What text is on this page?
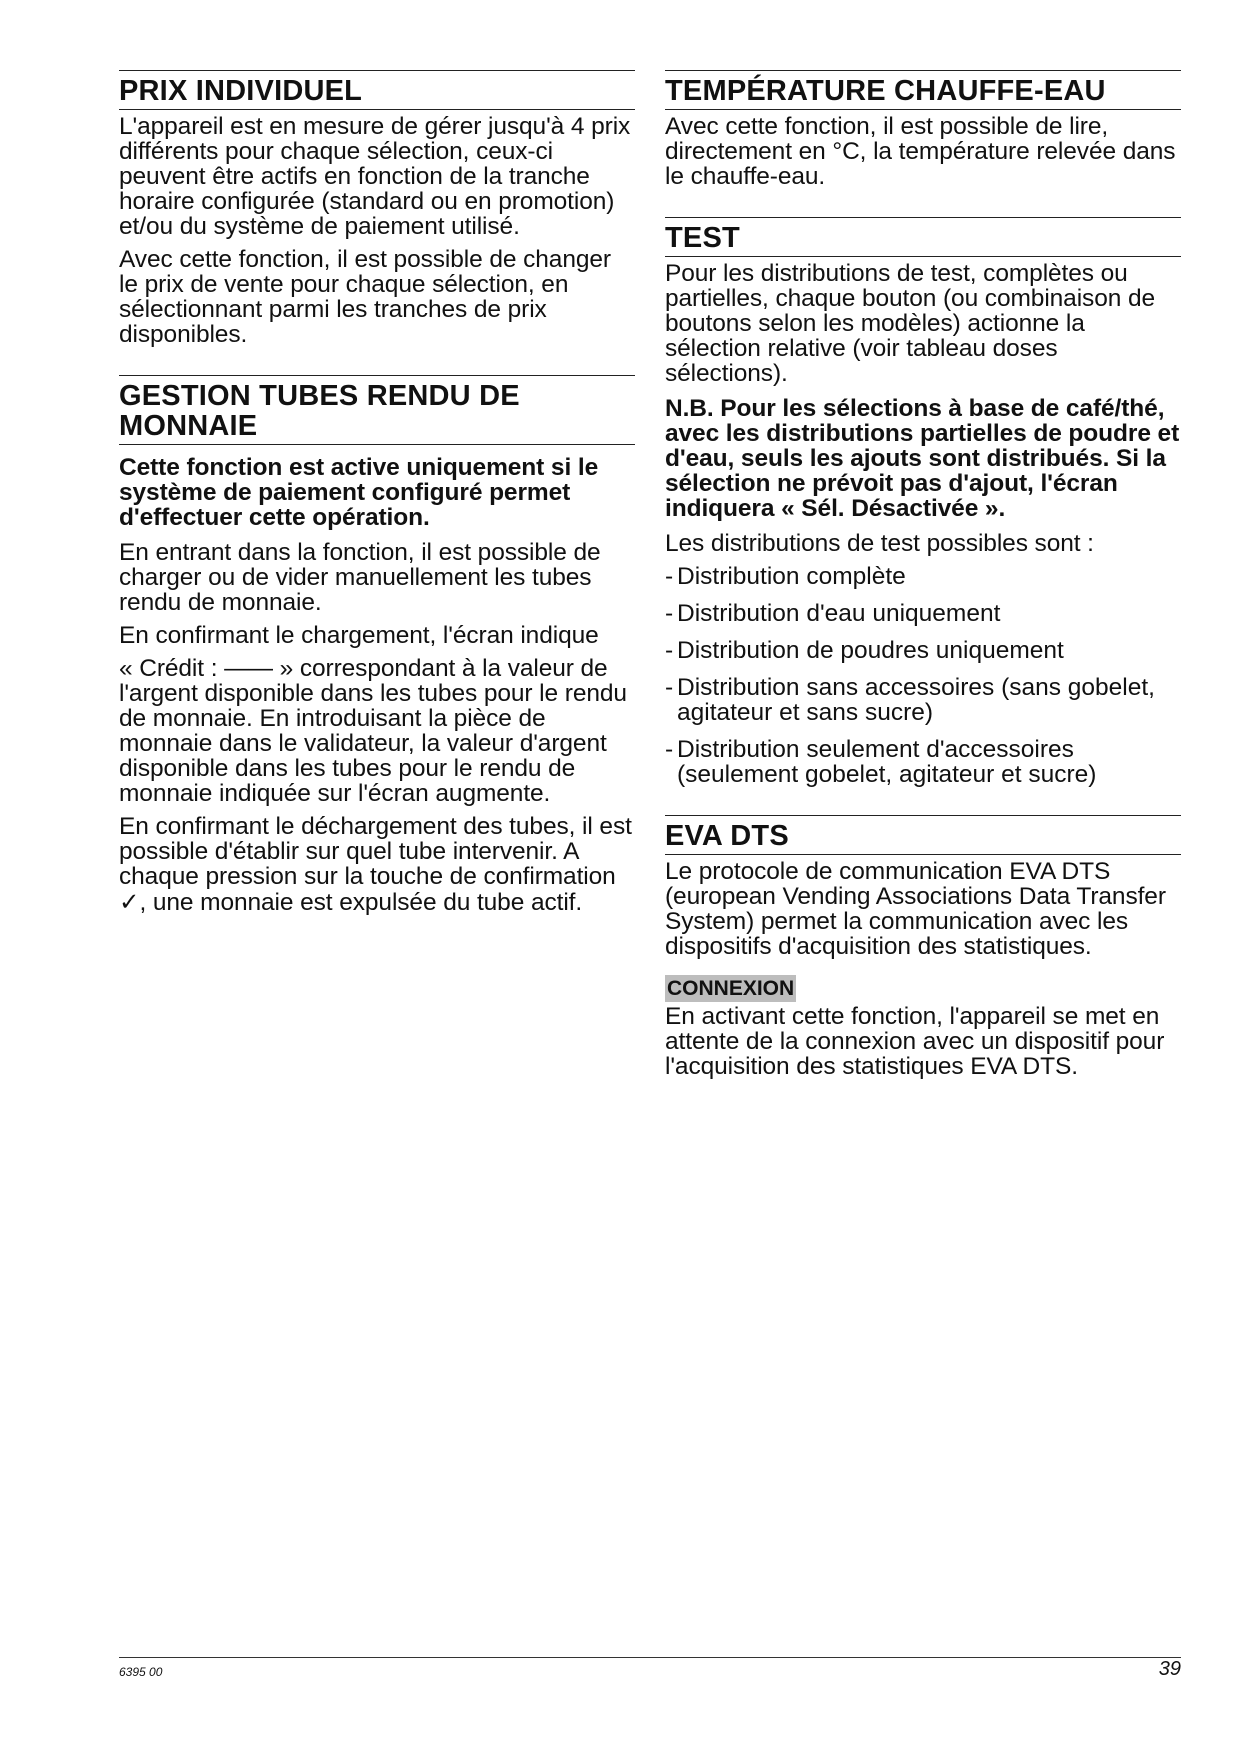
PRIX INDIVIDUEL

L'appareil est en mesure de gérer jusqu'à 4 prix différents pour chaque sélection, ceux-ci peuvent être actifs en fonction de la tranche horaire configurée (standard ou en promotion) et/ou du système de paiement utilisé.

Avec cette fonction, il est possible de changer le prix de vente pour chaque sélection, en sélectionnant parmi les tranches de prix disponibles.

GESTION TUBES RENDU DE MONNAIE

Cette fonction est active uniquement si le système de paiement configuré permet d'effectuer cette opération.

En entrant dans la fonction, il est possible de charger ou de vider manuellement les tubes rendu de monnaie.

En confirmant le chargement, l'écran indique

« Crédit : —— » correspondant à la valeur de l'argent disponible dans les tubes pour le rendu de monnaie. En introduisant la pièce de monnaie dans le validateur, la valeur d'argent disponible dans les tubes pour le rendu de monnaie indiquée sur l'écran augmente.

En confirmant le déchargement des tubes, il est possible d'établir sur quel tube intervenir. A chaque pression sur la touche de confirmation ✓, une monnaie est expulsée du tube actif.

TEMPÉRATURE CHAUFFE-EAU

Avec cette fonction, il est possible de lire, directement en °C, la température relevée dans le chauffe-eau.

TEST

Pour les distributions de test, complètes ou partielles, chaque bouton (ou combinaison de boutons selon les modèles) actionne la sélection relative (voir tableau doses sélections).

N.B. Pour les sélections à base de café/thé, avec les distributions partielles de poudre et d'eau, seuls les ajouts sont distribués. Si la sélection ne prévoit pas d'ajout, l'écran indiquera « Sél. Désactivée ».

Les distributions de test possibles sont :

- Distribution complète
- Distribution d'eau uniquement
- Distribution de poudres uniquement
- Distribution sans accessoires (sans gobelet, agitateur et sans sucre)
- Distribution seulement d'accessoires (seulement gobelet, agitateur et sucre)
EVA DTS

Le protocole de communication EVA DTS (european Vending Associations Data Transfer System) permet la communication avec les dispositifs d'acquisition des statistiques.

CONNEXION

En activant cette fonction, l'appareil se met en attente de la connexion avec un dispositif pour l'acquisition des statistiques EVA DTS.

6395 00	39
